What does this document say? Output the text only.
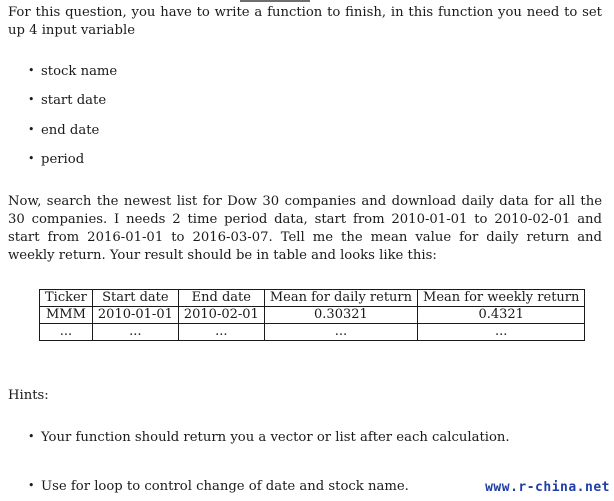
For this question, you have to write a function to finish, in this function you need to set up 4 input variable

• stock name

• start date

• end date

• period

Now, search the newest list for Dow 30 companies and download daily data for all the 30 companies. I needs 2 time period data, start from 2010-01-01 to 2010-02-01 and start from 2016-01-01 to 2016-03-07. Tell me the mean value for daily return and weekly return. Your result should be in table and looks like this:

Ticker	Start date	End date	Mean for daily return	Mean for weekly return
MMM	2010-01-01	2010-02-01	0.30321	0.4321
...	...	...	...	...

Hints:

• Your function should return you a vector or list after each calculation.

• Use for loop to control change of date and stock name.	www.r-china.net
